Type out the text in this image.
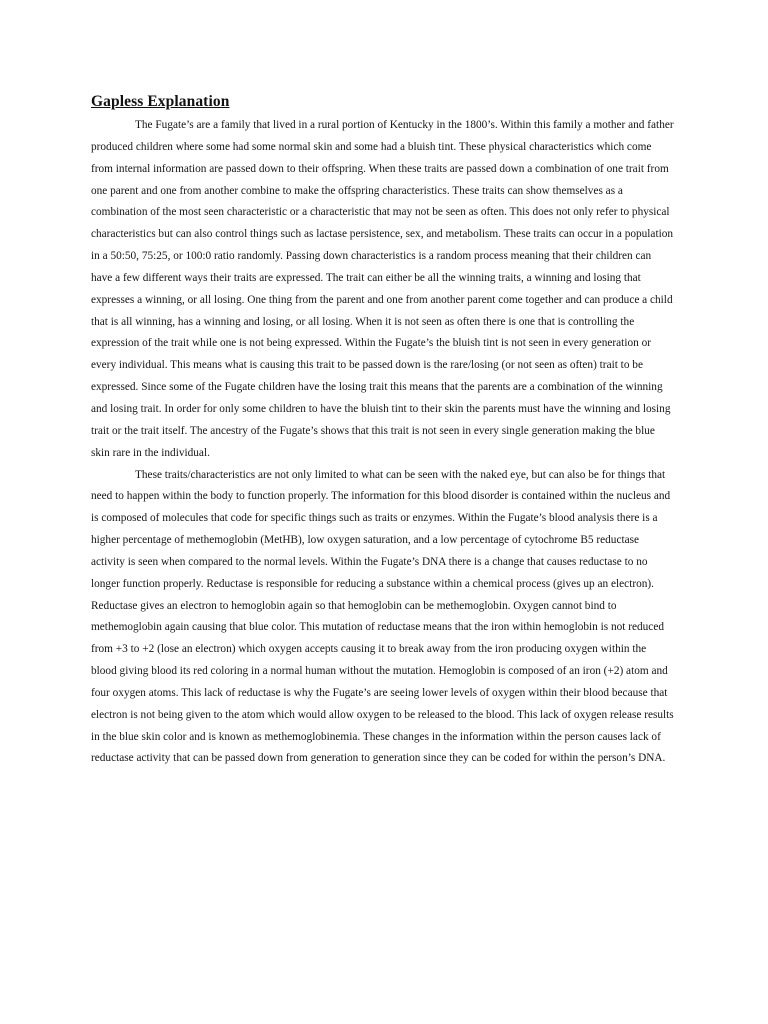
Gapless Explanation

The Fugate’s are a family that lived in a rural portion of Kentucky in the 1800’s. Within this family a mother and father produced children where some had some normal skin and some had a bluish tint. These physical characteristics which come from internal information are passed down to their offspring. When these traits are passed down a combination of one trait from one parent and one from another combine to make the offspring characteristics. These traits can show themselves as a combination of the most seen characteristic or a characteristic that may not be seen as often. This does not only refer to physical characteristics but can also control things such as lactase persistence, sex, and metabolism. These traits can occur in a population in a 50:50, 75:25, or 100:0 ratio randomly. Passing down characteristics is a random process meaning that their children can have a few different ways their traits are expressed. The trait can either be all the winning traits, a winning and losing that expresses a winning, or all losing. One thing from the parent and one from another parent come together and can produce a child that is all winning, has a winning and losing, or all losing. When it is not seen as often there is one that is controlling the expression of the trait while one is not being expressed. Within the Fugate’s the bluish tint is not seen in every generation or every individual. This means what is causing this trait to be passed down is the rare/losing (or not seen as often) trait to be expressed. Since some of the Fugate children have the losing trait this means that the parents are a combination of the winning and losing trait. In order for only some children to have the bluish tint to their skin the parents must have the winning and losing trait or the trait itself. The ancestry of the Fugate’s shows that this trait is not seen in every single generation making the blue skin rare in the individual.

These traits/characteristics are not only limited to what can be seen with the naked eye, but can also be for things that need to happen within the body to function properly. The information for this blood disorder is contained within the nucleus and is composed of molecules that code for specific things such as traits or enzymes. Within the Fugate’s blood analysis there is a higher percentage of methemoglobin (MetHB), low oxygen saturation, and a low percentage of cytochrome B5 reductase activity is seen when compared to the normal levels. Within the Fugate’s DNA there is a change that causes reductase to no longer function properly. Reductase is responsible for reducing a substance within a chemical process (gives up an electron). Reductase gives an electron to hemoglobin again so that hemoglobin can be methemoglobin. Oxygen cannot bind to methemoglobin again causing that blue color. This mutation of reductase means that the iron within hemoglobin is not reduced from +3 to +2 (lose an electron) which oxygen accepts causing it to break away from the iron producing oxygen within the blood giving blood its red coloring in a normal human without the mutation. Hemoglobin is composed of an iron (+2) atom and four oxygen atoms. This lack of reductase is why the Fugate’s are seeing lower levels of oxygen within their blood because that electron is not being given to the atom which would allow oxygen to be released to the blood. This lack of oxygen release results in the blue skin color and is known as methemoglobinemia. These changes in the information within the person causes lack of reductase activity that can be passed down from generation to generation since they can be coded for within the person’s DNA.
